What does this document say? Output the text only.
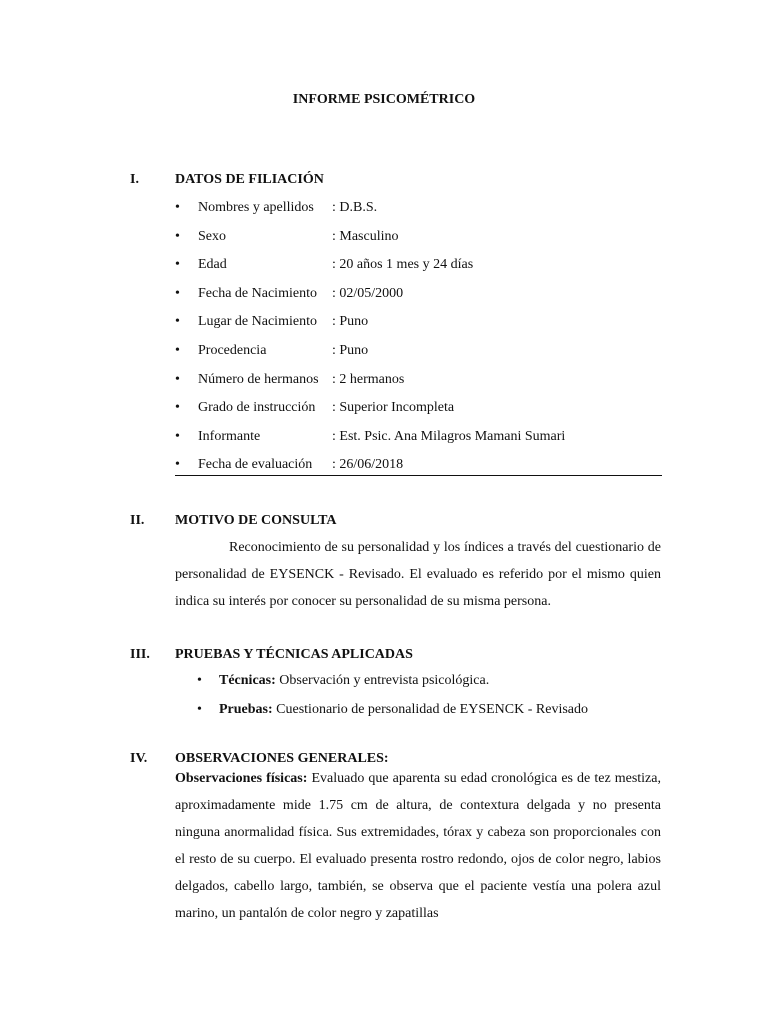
INFORME PSICOMÉTRICO
I.	DATOS DE FILIACIÓN
• Nombres y apellidos : D.B.S.
• Sexo	: Masculino
• Edad	: 20 años 1 mes y 24 días
• Fecha de Nacimiento : 02/05/2000
• Lugar de Nacimiento : Puno
• Procedencia	: Puno
• Número de hermanos : 2 hermanos
• Grado de instrucción : Superior Incompleta
• Informante	: Est. Psic. Ana Milagros Mamani Sumari
• Fecha de evaluación : 26/06/2018
II. MOTIVO DE CONSULTA
Reconocimiento de su personalidad y los índices a través del cuestionario de personalidad de EYSENCK - Revisado. El evaluado es referido por el mismo quien indica su interés por conocer su personalidad de su misma persona.
III. PRUEBAS Y TÉCNICAS APLICADAS
• Técnicas: Observación y entrevista psicológica.
• Pruebas: Cuestionario de personalidad de EYSENCK - Revisado
IV. OBSERVACIONES GENERALES:
Observaciones físicas: Evaluado que aparenta su edad cronológica es de tez mestiza, aproximadamente mide 1.75 cm de altura, de contextura delgada y no presenta ninguna anormalidad física. Sus extremidades, tórax y cabeza son proporcionales con el resto de su cuerpo. El evaluado presenta rostro redondo, ojos de color negro, labios delgados, cabello largo, también, se observa que el paciente vestía una polera azul marino, un pantalón de color negro y zapatillas
